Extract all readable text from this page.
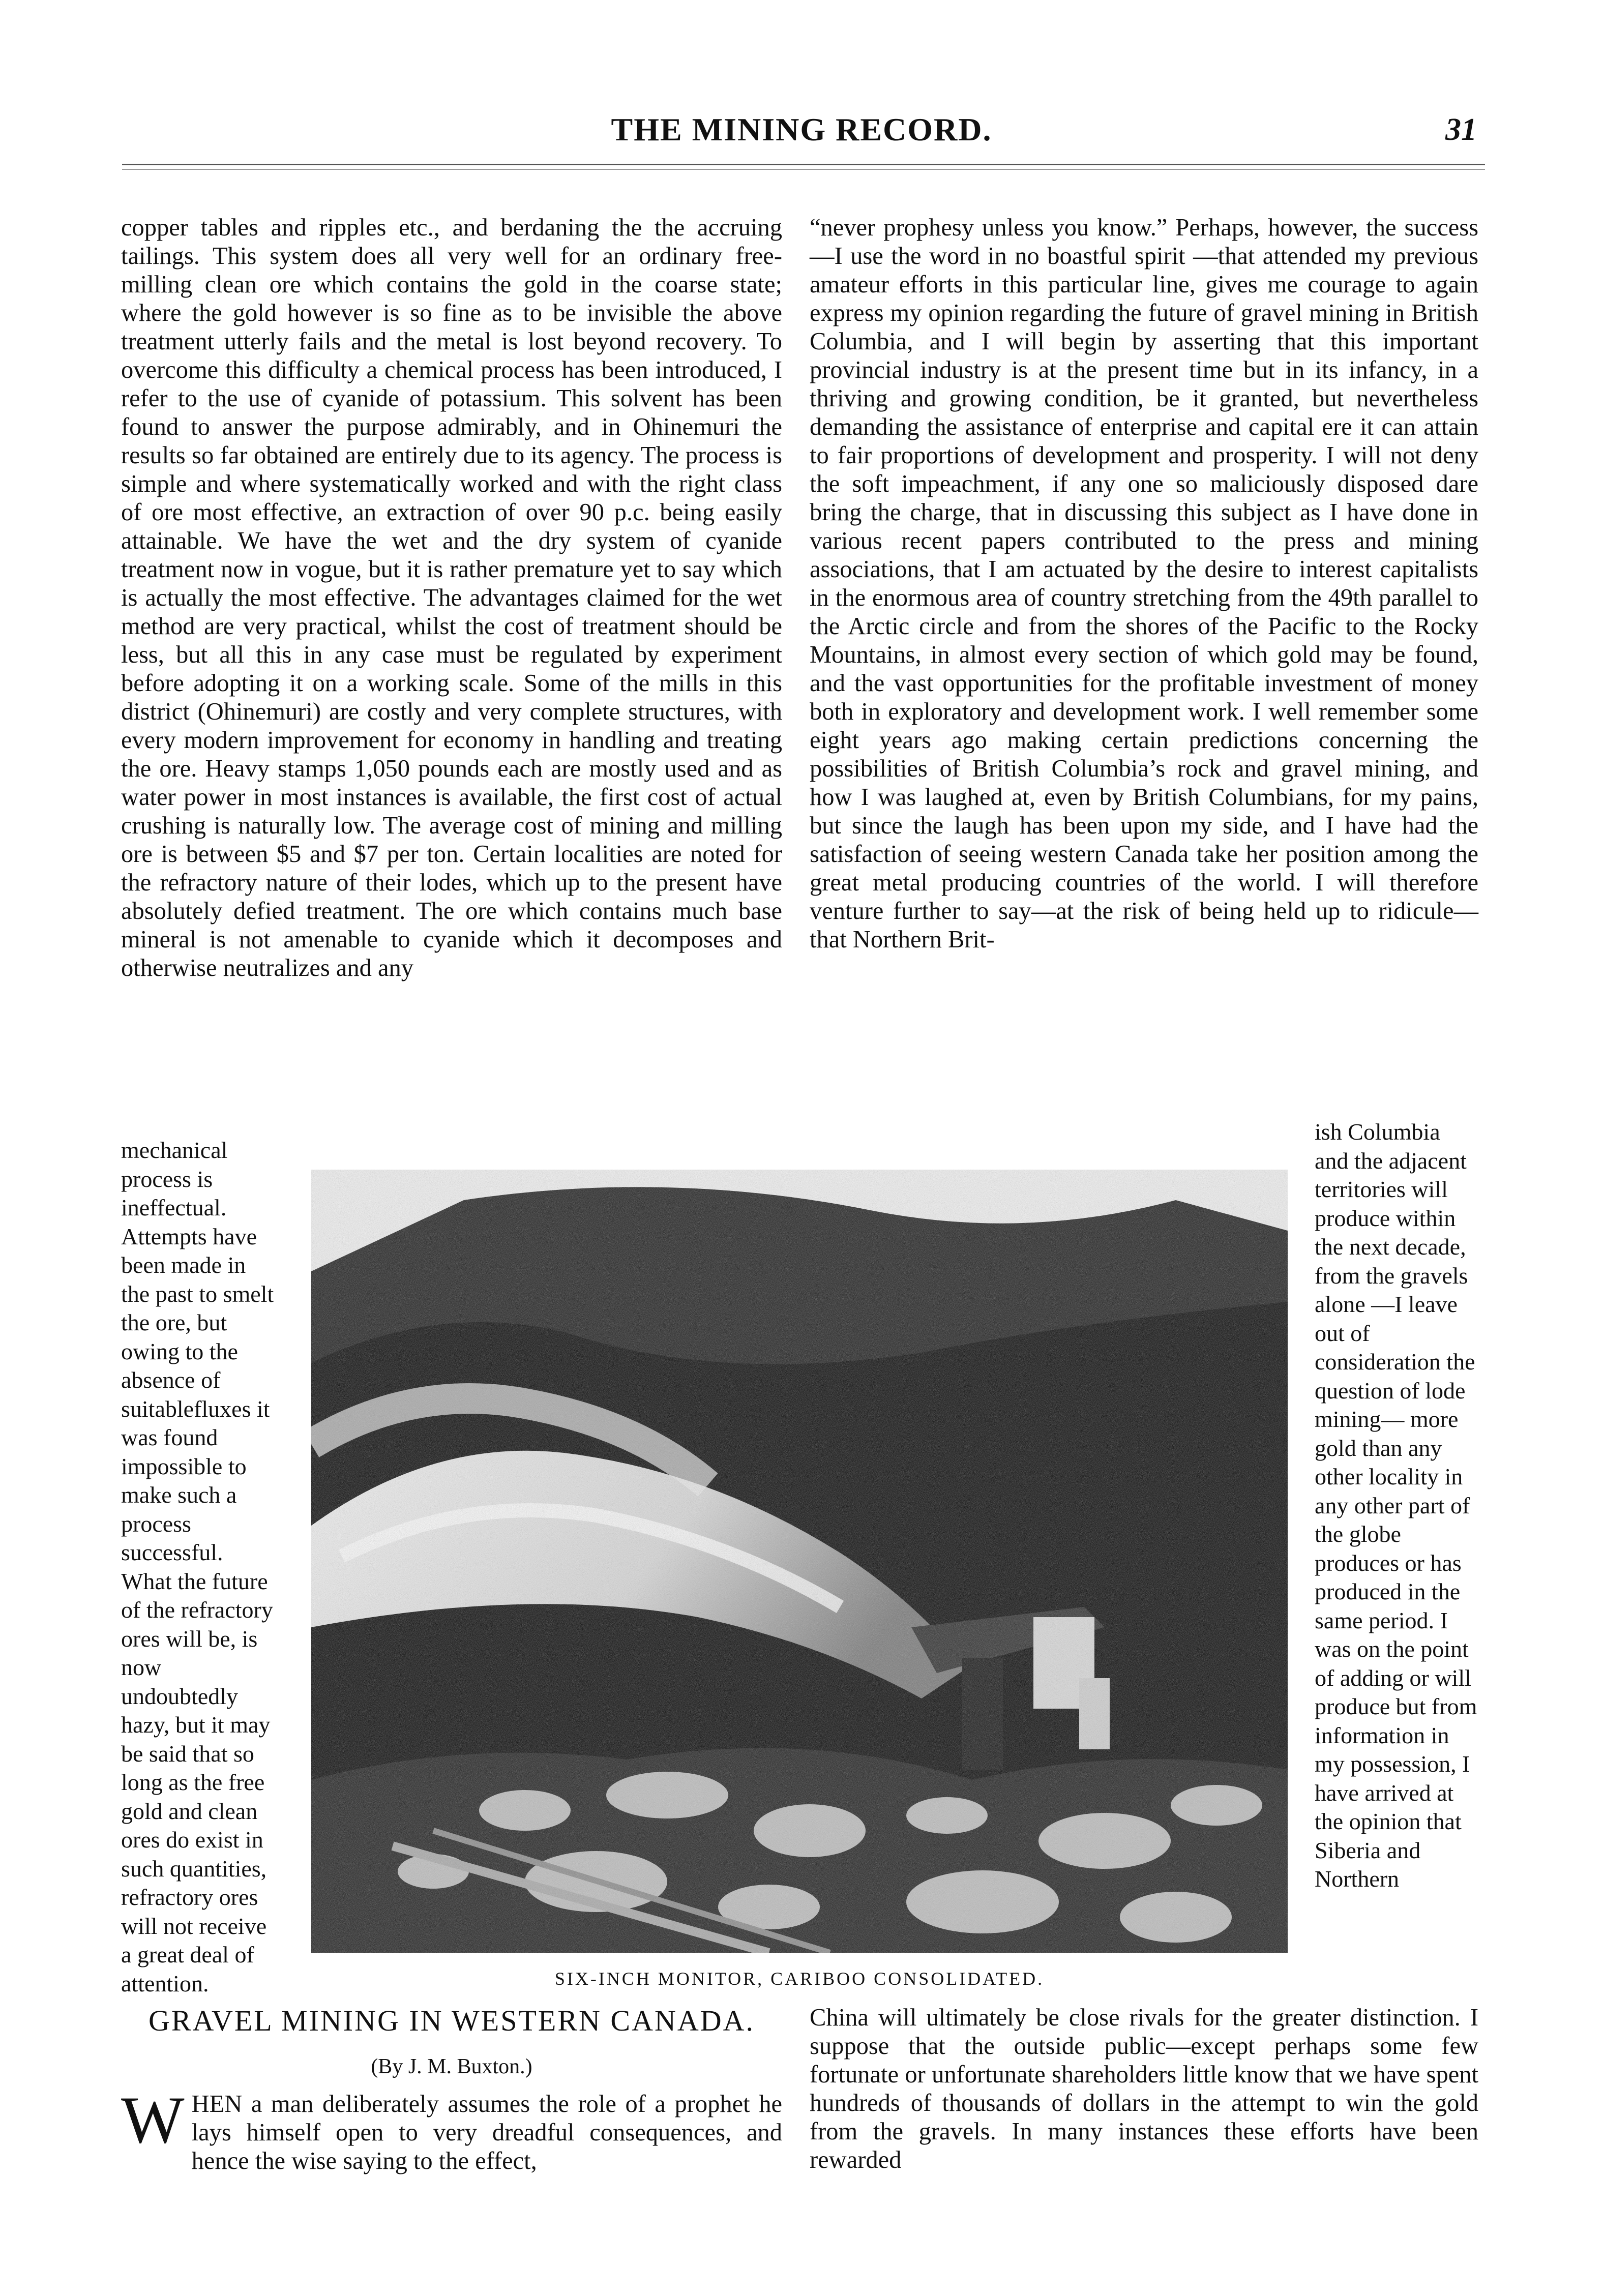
THE MINING RECORD.	31

copper tables and ripples etc., and berdaning the the accruing tailings. This system does all very well for an ordinary free-milling clean ore which contains the gold in the coarse state; where the gold however is so fine as to be invisible the above treatment utterly fails and the metal is lost beyond recovery. To overcome this difficulty a chemical process has been introduced, I refer to the use of cyanide of potassium. This solvent has been found to answer the purpose admirably, and in Ohinemuri the results so far obtained are entirely due to its agency. The process is simple and where systematically worked and with the right class of ore most effective, an extraction of over 90 p.c. being easily attainable. We have the wet and the dry system of cyanide treatment now in vogue, but it is rather premature yet to say which is actually the most effective. The advantages claimed for the wet method are very practical, whilst the cost of treatment should be less, but all this in any case must be regulated by experiment before adopting it on a working scale. Some of the mills in this district (Ohinemuri) are costly and very complete structures, with every modern improvement for economy in handling and treating the ore. Heavy stamps 1,050 pounds each are mostly used and as water power in most instances is available, the first cost of actual crushing is naturally low. The average cost of mining and milling ore is between $5 and $7 per ton. Certain localities are noted for the refractory nature of their lodes, which up to the present have absolutely defied treatment. The ore which contains much base mineral is not amenable to cyanide which it decomposes and otherwise neutralizes and any

mechanical process is ineffectual. Attempts have been made in the past to smelt the ore, but owing to the absence of suitablefluxes it was found impossible to make such a process successful. What the future of the refractory ores will be, is now undoubtedly hazy, but it may be said that so long as the free gold and clean ores do exist in such quantities, refractory ores will not receive a great deal of attention.

“never prophesy unless you know.” Perhaps, however, the success—I use the word in no boastful spirit —that attended my previous amateur efforts in this particular line, gives me courage to again express my opinion regarding the future of gravel mining in British Columbia, and I will begin by asserting that this important provincial industry is at the present time but in its infancy, in a thriving and growing condition, be it granted, but nevertheless demanding the assistance of enterprise and capital ere it can attain to fair proportions of development and prosperity. I will not deny the soft impeachment, if any one so maliciously disposed dare bring the charge, that in discussing this subject as I have done in various recent papers contributed to the press and mining associations, that I am actuated by the desire to interest capitalists in the enormous area of country stretching from the 49th parallel to the Arctic circle and from the shores of the Pacific to the Rocky Mountains, in almost every section of which gold may be found, and the vast opportunities for the profitable investment of money both in exploratory and development work. I well remember some eight years ago making certain predictions concerning the possibilities of British Columbia’s rock and gravel mining, and how I was laughed at, even by British Columbians, for my pains, but since the laugh has been upon my side, and I have had the satisfaction of seeing western Canada take her position among the great metal producing countries of the world. I will therefore venture further to say—at the risk of being held up to ridicule—that Northern Brit-

ish Columbia and the adjacent territories will produce within the next decade, from the gravels alone —I leave out of consideration the question of lode mining— more gold than any other locality in any other part of the globe produces or has produced in the same period. I was on the point of adding or will produce but from information in my possession, I have arrived at the opinion that Siberia and Northern

SIX-INCH MONITOR, CARIBOO CONSOLIDATED.
GRAVEL MINING IN WESTERN CANADA.
(By J. M. Buxton.)
W HEN a man deliberately assumes the role of a prophet he lays himself open to very dreadful consequences, and hence the wise saying to the effect,

China will ultimately be close rivals for the greater distinction. I suppose that the outside public—except perhaps some few fortunate or unfortunate shareholders little know that we have spent hundreds of thousands of dollars in the attempt to win the gold from the gravels. In many instances these efforts have been rewarded
